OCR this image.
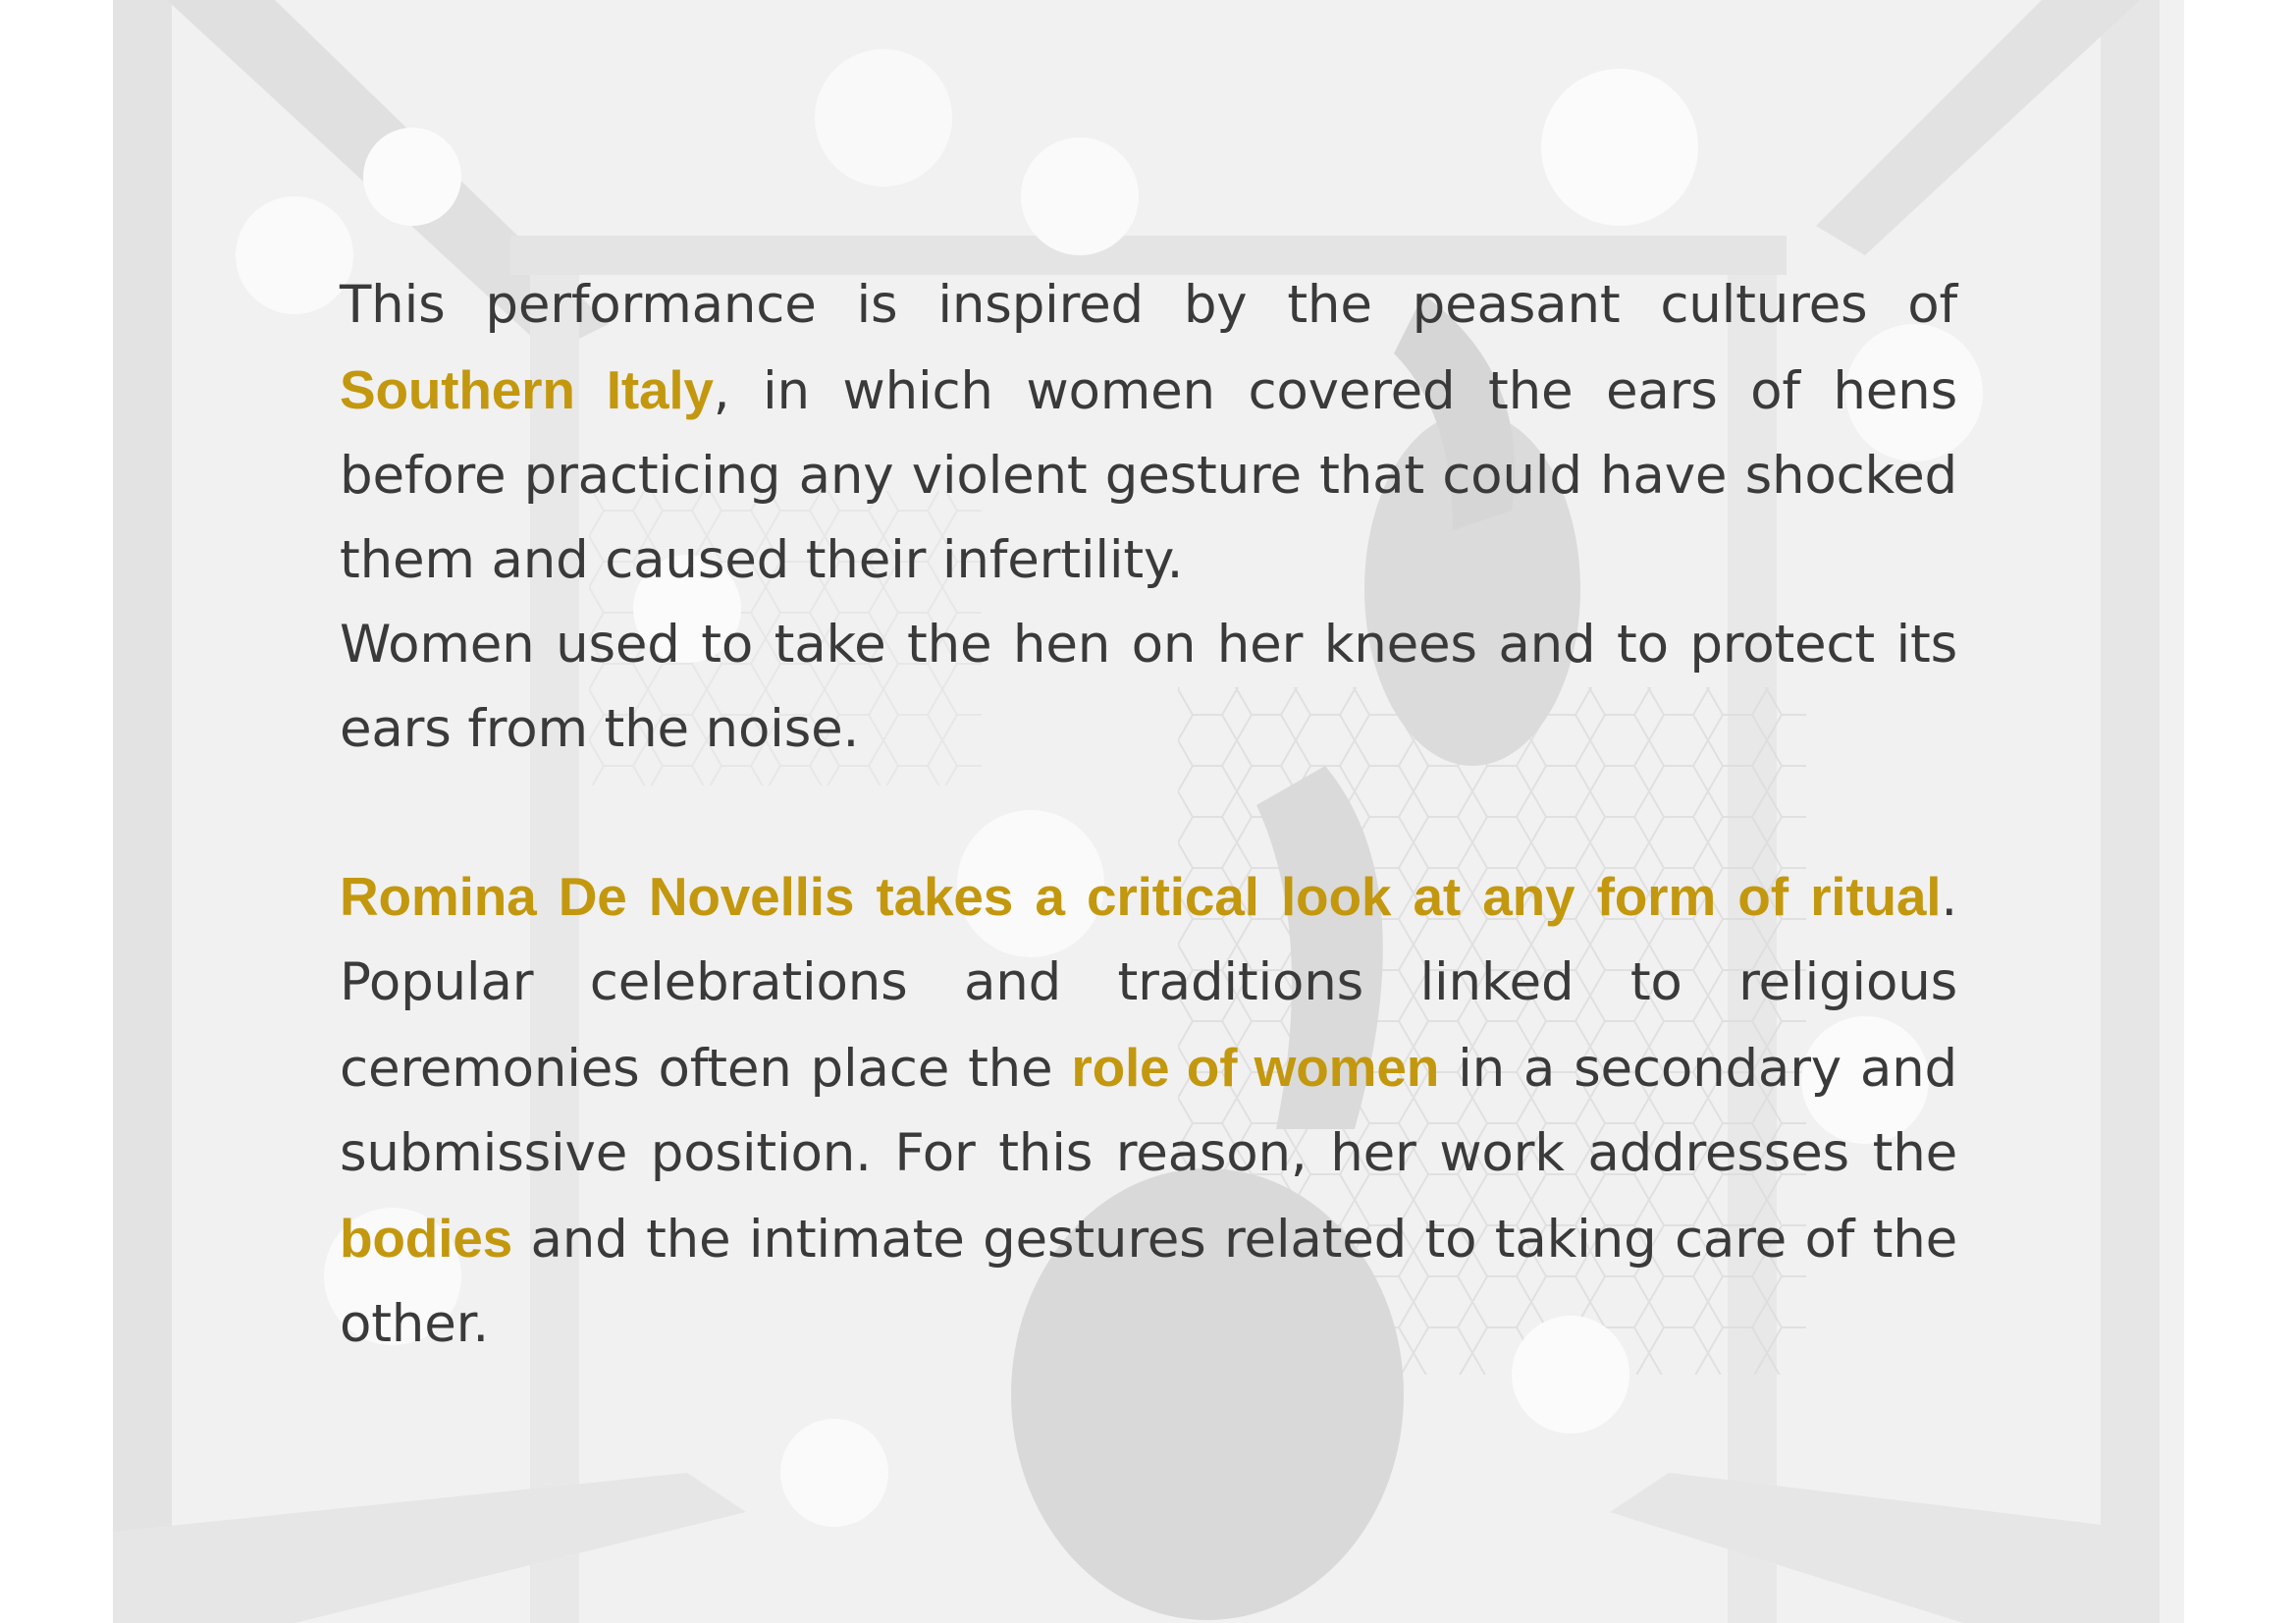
This performance is inspired by the peasant cultures of Southern Italy, in which women covered the ears of hens before practicing any violent gesture that could have shocked them and caused their infertility.
Women used to take the hen on her knees and to protect its ears from the noise.
Romina De Novellis takes a critical look at any form of ritual. Popular celebrations and traditions linked to religious ceremonies often place the role of women in a secondary and submissive position. For this reason, her work addresses the bodies and the intimate gestures related to taking care of the other.
